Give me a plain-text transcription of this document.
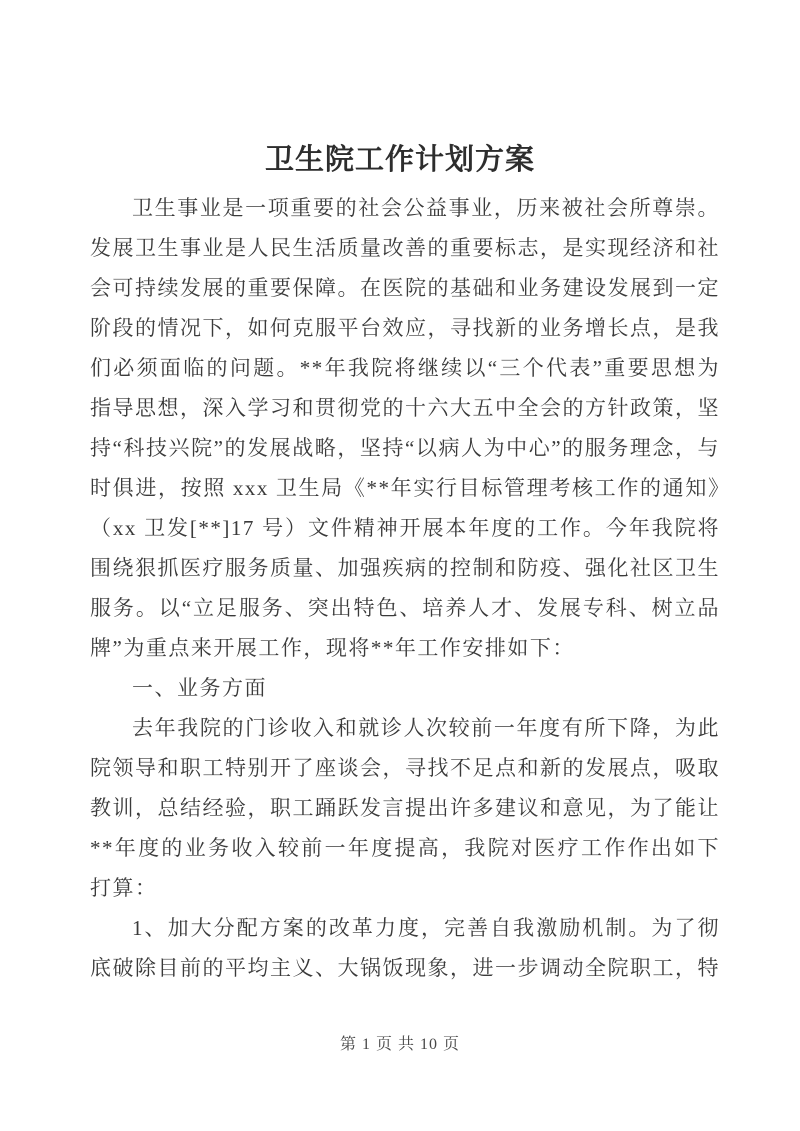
卫生院工作计划方案

卫生事业是一项重要的社会公益事业，历来被社会所尊崇。发展卫生事业是人民生活质量改善的重要标志，是实现经济和社会可持续发展的重要保障。在医院的基础和业务建设发展到一定阶段的情况下，如何克服平台效应，寻找新的业务增长点，是我们必须面临的问题。**年我院将继续以“三个代表”重要思想为指导思想，深入学习和贯彻党的十六大五中全会的方针政策，坚持“科技兴院”的发展战略，坚持“以病人为中心”的服务理念，与时俱进，按照 xxx 卫生局《**年实行目标管理考核工作的通知》（xx 卫发[**]17 号）文件精神开展本年度的工作。今年我院将围绕狠抓医疗服务质量、加强疾病的控制和防疫、强化社区卫生服务。以“立足服务、突出特色、培养人才、发展专科、树立品牌”为重点来开展工作，现将**年工作安排如下：

一、业务方面

去年我院的门诊收入和就诊人次较前一年度有所下降，为此院领导和职工特别开了座谈会，寻找不足点和新的发展点，吸取教训，总结经验，职工踊跃发言提出许多建议和意见，为了能让**年度的业务收入较前一年度提高，我院对医疗工作作出如下打算：

1、加大分配方案的改革力度，完善自我激励机制。为了彻底破除目前的平均主义、大锅饭现象，进一步调动全院职工，特

第 1 页 共 10 页
